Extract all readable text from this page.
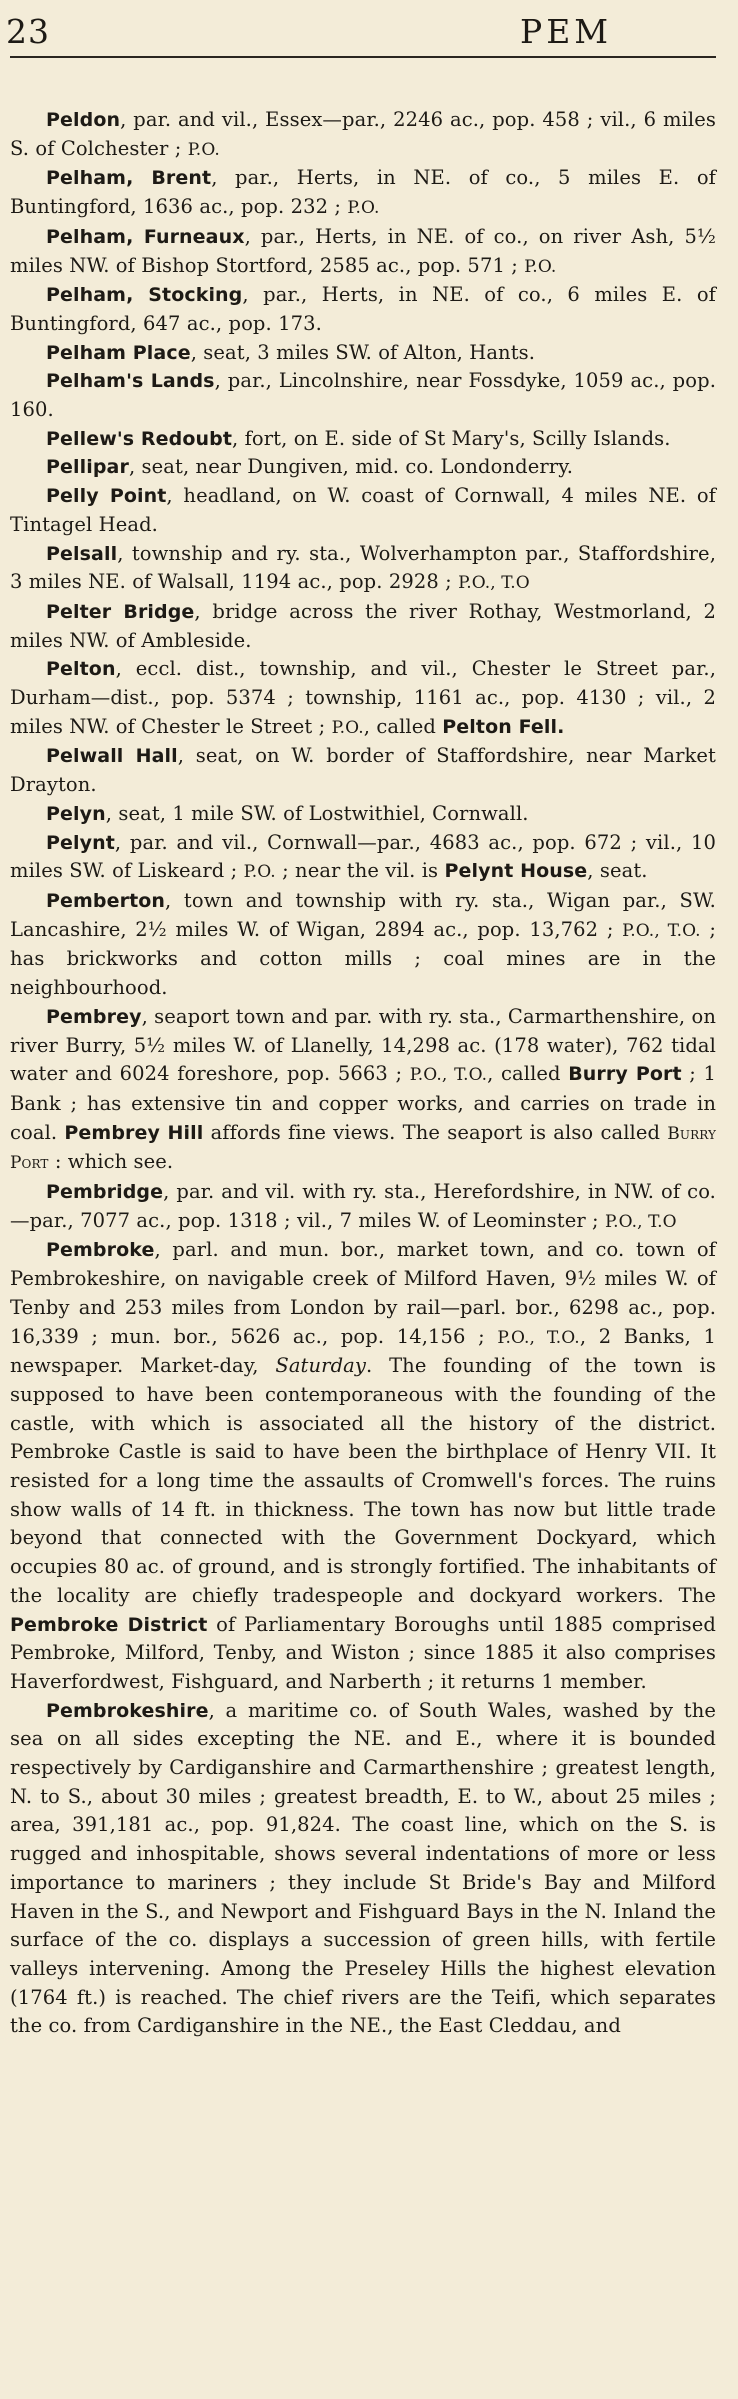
23	PEM

Peldon, par. and vil., Essex—par., 2246 ac., pop. 458 ; vil., 6 miles S. of Colchester ; P.O.

Pelham, Brent, par., Herts, in NE. of co., 5 miles E. of Buntingford, 1636 ac., pop. 232 ; P.O.

Pelham, Furneaux, par., Herts, in NE. of co., on river Ash, 5½ miles NW. of Bishop Stortford, 2585 ac., pop. 571 ; P.O.

Pelham, Stocking, par., Herts, in NE. of co., 6 miles E. of Buntingford, 647 ac., pop. 173.

Pelham Place, seat, 3 miles SW. of Alton, Hants.

Pelham's Lands, par., Lincolnshire, near Fossdyke, 1059 ac., pop. 160.

Pellew's Redoubt, fort, on E. side of St Mary's, Scilly Islands.

Pellipar, seat, near Dungiven, mid. co. Londonderry.

Pelly Point, headland, on W. coast of Cornwall, 4 miles NE. of Tintagel Head.

Pelsall, township and ry. sta., Wolverhampton par., Staffordshire, 3 miles NE. of Walsall, 1194 ac., pop. 2928 ; P.O., T.O

Pelter Bridge, bridge across the river Rothay, Westmorland, 2 miles NW. of Ambleside.

Pelton, eccl. dist., township, and vil., Chester le Street par., Durham—dist., pop. 5374 ; township, 1161 ac., pop. 4130 ; vil., 2 miles NW. of Chester le Street ; P.O., called Pelton Fell.

Pelwall Hall, seat, on W. border of Staffordshire, near Market Drayton.

Pelyn, seat, 1 mile SW. of Lostwithiel, Cornwall.

Pelynt, par. and vil., Cornwall—par., 4683 ac., pop. 672 ; vil., 10 miles SW. of Liskeard ; P.O. ; near the vil. is Pelynt House, seat.

Pemberton, town and township with ry. sta., Wigan par., SW. Lancashire, 2½ miles W. of Wigan, 2894 ac., pop. 13,762 ; P.O., T.O. ; has brickworks and cotton mills ; coal mines are in the neighbourhood.

Pembrey, seaport town and par. with ry. sta., Carmarthenshire, on river Burry, 5½ miles W. of Llanelly, 14,298 ac. (178 water), 762 tidal water and 6024 foreshore, pop. 5663 ; P.O., T.O., called Burry Port ; 1 Bank ; has extensive tin and copper works, and carries on trade in coal. Pembrey Hill affords fine views. The seaport is also called Burry Port : which see.

Pembridge, par. and vil. with ry. sta., Herefordshire, in NW. of co.—par., 7077 ac., pop. 1318 ; vil., 7 miles W. of Leominster ; P.O., T.O

Pembroke, parl. and mun. bor., market town, and co. town of Pembrokeshire, on navigable creek of Milford Haven, 9½ miles W. of Tenby and 253 miles from London by rail—parl. bor., 6298 ac., pop. 16,339 ; mun. bor., 5626 ac., pop. 14,156 ; P.O., T.O., 2 Banks, 1 newspaper. Market-day, Saturday. The founding of the town is supposed to have been contemporaneous with the founding of the castle, with which is associated all the history of the district. Pembroke Castle is said to have been the birthplace of Henry VII. It resisted for a long time the assaults of Cromwell's forces. The ruins show walls of 14 ft. in thickness. The town has now but little trade beyond that connected with the Government Dockyard, which occupies 80 ac. of ground, and is strongly fortified. The inhabitants of the locality are chiefly tradespeople and dockyard workers. The Pembroke District of Parliamentary Boroughs until 1885 comprised Pembroke, Milford, Tenby, and Wiston ; since 1885 it also comprises Haverfordwest, Fishguard, and Narberth ; it returns 1 member.

Pembrokeshire, a maritime co. of South Wales, washed by the sea on all sides excepting the NE. and E., where it is bounded respectively by Cardiganshire and Carmarthenshire ; greatest length, N. to S., about 30 miles ; greatest breadth, E. to W., about 25 miles ; area, 391,181 ac., pop. 91,824. The coast line, which on the S. is rugged and inhospitable, shows several indentations of more or less importance to mariners ; they include St Bride's Bay and Milford Haven in the S., and Newport and Fishguard Bays in the N. Inland the surface of the co. displays a succession of green hills, with fertile valleys intervening. Among the Preseley Hills the highest elevation (1764 ft.) is reached. The chief rivers are the Teifi, which separates the co. from Cardiganshire in the NE., the East Cleddau, and
